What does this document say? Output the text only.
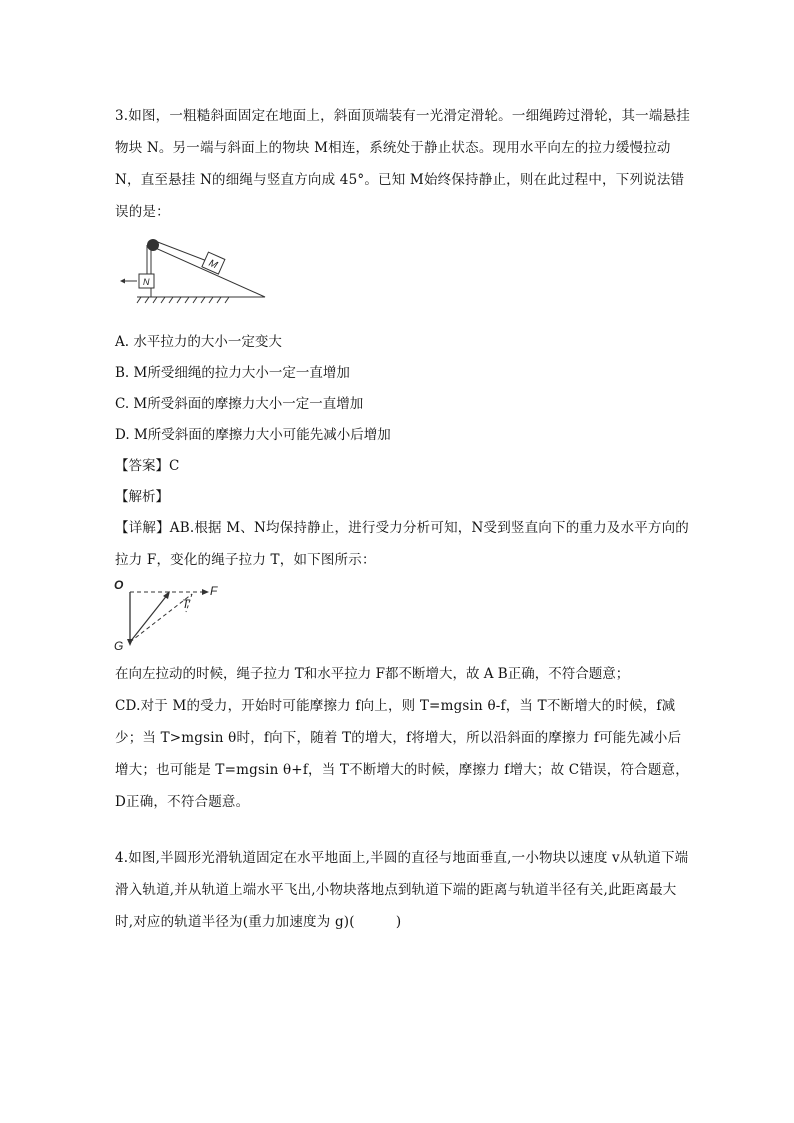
3.如图，一粗糙斜面固定在地面上，斜面顶端装有一光滑定滑轮。一细绳跨过滑轮，其一端悬挂物块 N。另一端与斜面上的物块 M相连，系统处于静止状态。现用水平向左的拉力缓慢拉动 N，直至悬挂 N的细绳与竖直方向成 45°。已知 M始终保持静止，则在此过程中，下列说法错误的是：
M
N
A. 水平拉力的大小一定变大
B. M所受细绳的拉力大小一定一直增加
C. M所受斜面的摩擦力大小一定一直增加
D. M所受斜面的摩擦力大小可能先减小后增加
【答案】C
【解析】
【详解】AB.根据 M、N均保持静止，进行受力分析可知，N受到竖直向下的重力及水平方向的拉力 F，变化的绳子拉力 T，如下图所示：
O	F
T
G
在向左拉动的时候，绳子拉力 T和水平拉力 F都不断增大，故 A B正确，不符合题意；
CD.对于 M的受力，开始时可能摩擦力 f向上，则 T=mgsin θ-f，当 T不断增大的时候，f减少；当 T>mgsin θ时，f向下，随着 T的增大，f将增大，所以沿斜面的摩擦力 f可能先减小后增大；也可能是 T=mgsin θ+f，当 T不断增大的时候，摩擦力 f增大；故 C错误，符合题意，D正确，不符合题意。
4.如图,半圆形光滑轨道固定在水平地面上,半圆的直径与地面垂直,一小物块以速度 v从轨道下端滑入轨道,并从轨道上端水平飞出,小物块落地点到轨道下端的距离与轨道半径有关,此距离最大时,对应的轨道半径为(重力加速度为 g)(　　　)
